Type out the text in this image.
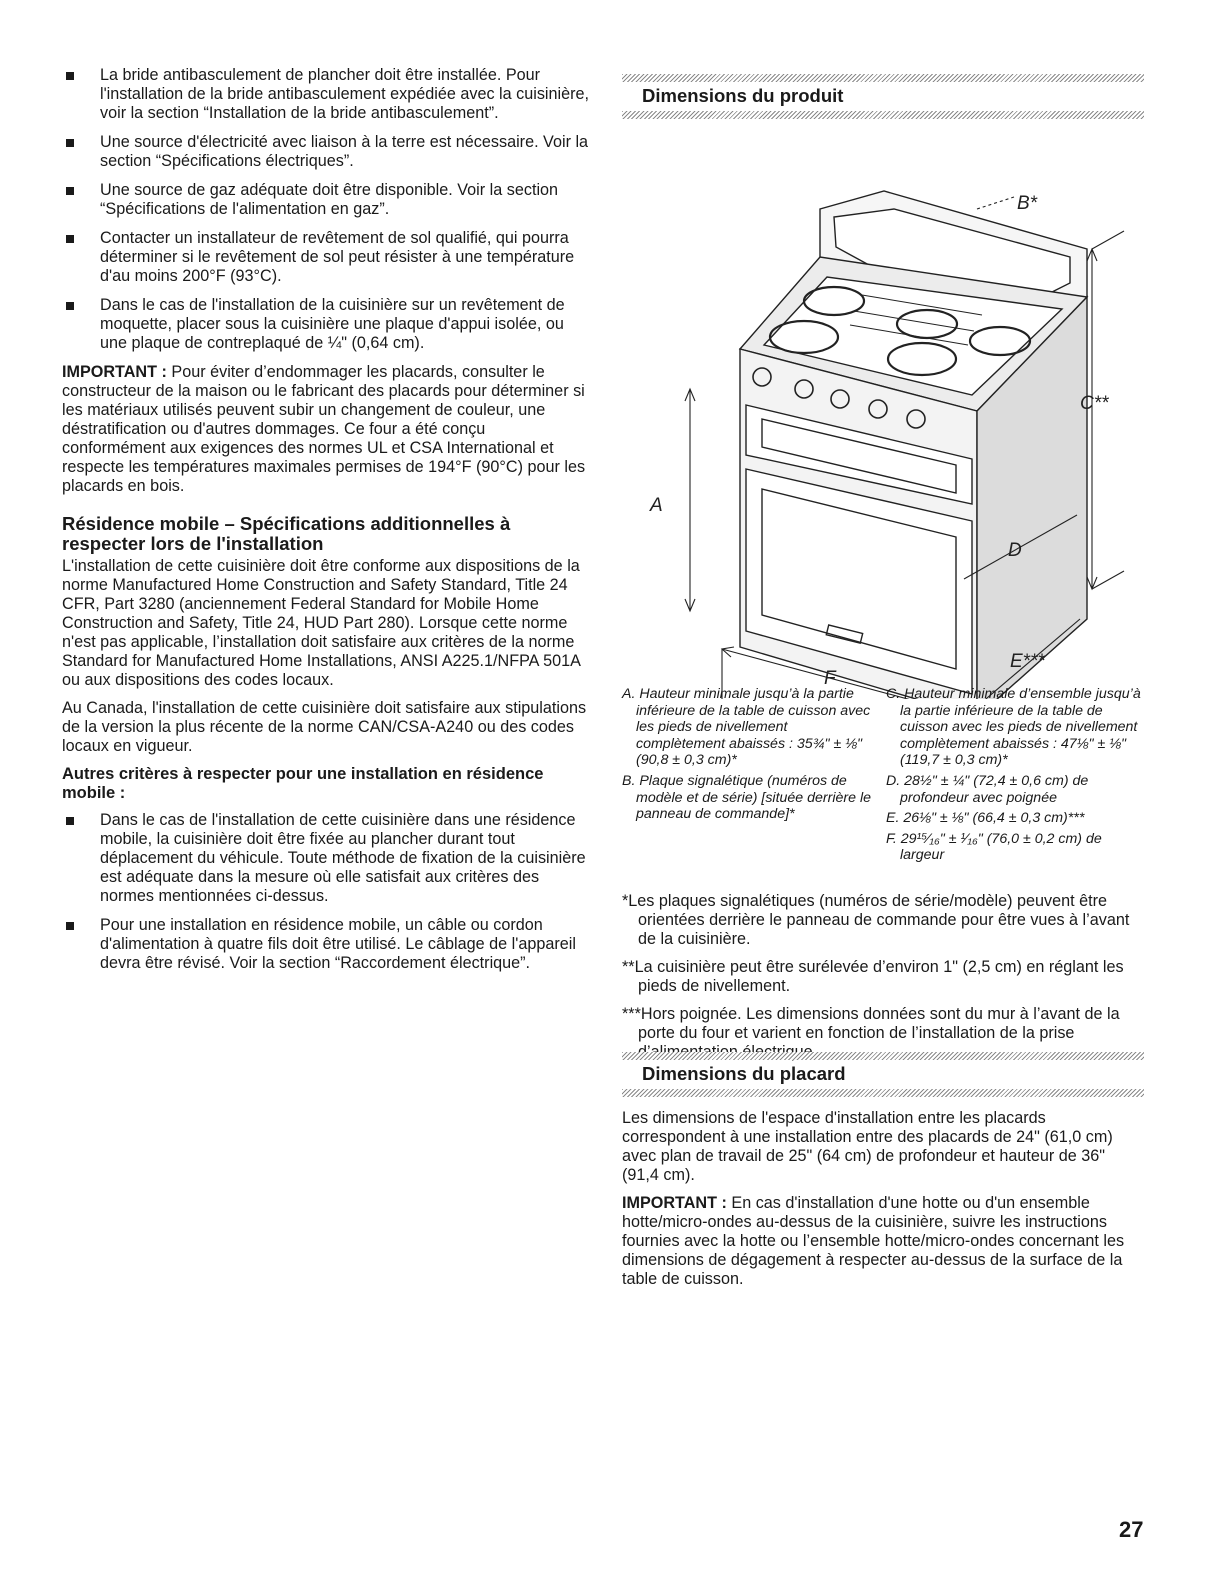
La bride antibasculement de plancher doit être installée. Pour l'installation de la bride antibasculement expédiée avec la cuisinière, voir la section “Installation de la bride antibasculement”.
Une source d'électricité avec liaison à la terre est nécessaire. Voir la section “Spécifications électriques”.
Une source de gaz adéquate doit être disponible. Voir la section “Spécifications de l'alimentation en gaz”.
Contacter un installateur de revêtement de sol qualifié, qui pourra déterminer si le revêtement de sol peut résister à une température d'au moins 200°F (93°C).
Dans le cas de l'installation de la cuisinière sur un revêtement de moquette, placer sous la cuisinière une plaque d'appui isolée, ou une plaque de contreplaqué de ¼" (0,64 cm).

IMPORTANT : Pour éviter d’endommager les placards, consulter le constructeur de la maison ou le fabricant des placards pour déterminer si les matériaux utilisés peuvent subir un changement de couleur, une déstratification ou d'autres dommages. Ce four a été conçu conformément aux exigences des normes UL et CSA International et respecte les températures maximales permises de 194°F (90°C) pour les placards en bois.

Résidence mobile – Spécifications additionnelles à respecter lors de l'installation

L'installation de cette cuisinière doit être conforme aux dispositions de la norme Manufactured Home Construction and Safety Standard, Title 24 CFR, Part 3280 (anciennement Federal Standard for Mobile Home Construction and Safety, Title 24, HUD Part 280). Lorsque cette norme n'est pas applicable, l’installation doit satisfaire aux critères de la norme Standard for Manufactured Home Installations, ANSI A225.1/NFPA 501A ou aux dispositions des codes locaux.

Au Canada, l'installation de cette cuisinière doit satisfaire aux stipulations de la version la plus récente de la norme CAN/CSA-A240 ou des codes locaux en vigueur.

Autres critères à respecter pour une installation en résidence mobile :
Dans le cas de l'installation de cette cuisinière dans une résidence mobile, la cuisinière doit être fixée au plancher durant tout déplacement du véhicule. Toute méthode de fixation de la cuisinière est adéquate dans la mesure où elle satisfait aux critères des normes mentionnées ci-dessus.
Pour une installation en résidence mobile, un câble ou cordon d'alimentation à quatre fils doit être utilisé. Le câblage de l'appareil devra être révisé. Voir la section “Raccordement électrique”.
Dimensions du produit
A
B*
C**
D
E***
F
A. Hauteur minimale jusqu’à la partie inférieure de la table de cuisson avec les pieds de nivellement complètement abaissés : 35¾" ± ⅛" (90,8 ± 0,3 cm)*
B. Plaque signalétique (numéros de modèle et de série) [située derrière le panneau de commande]*
C. Hauteur minimale d’ensemble jusqu’à la partie inférieure de la table de cuisson avec les pieds de nivellement complètement abaissés : 47⅛" ± ⅛" (119,7 ± 0,3 cm)*
D. 28½" ± ¼" (72,4 ± 0,6 cm) de profondeur avec poignée
E. 26⅛" ± ⅛" (66,4 ± 0,3 cm)***
F. 29¹⁵⁄₁₆" ± ¹⁄₁₆" (76,0 ± 0,2 cm) de largeur
*Les plaques signalétiques (numéros de série/modèle) peuvent être orientées derrière le panneau de commande pour être vues à l’avant de la cuisinière.
**La cuisinière peut être surélevée d’environ 1" (2,5 cm) en réglant les pieds de nivellement.
***Hors poignée. Les dimensions données sont du mur à l’avant de la porte du four et varient en fonction de l’installation de la prise
Dimensions du placard

Les dimensions de l'espace d'installation entre les placards correspondent à une installation entre des placards de 24" (61,0 cm) avec plan de travail de 25" (64 cm) de profondeur et hauteur de 36" (91,4 cm).

IMPORTANT : En cas d'installation d'une hotte ou d'un ensemble hotte/micro-ondes au-dessus de la cuisinière, suivre les instructions fournies avec la hotte ou l’ensemble hotte/micro-ondes concernant les dimensions de dégagement à respecter au-dessus de la surface de la table de cuisson.

27
